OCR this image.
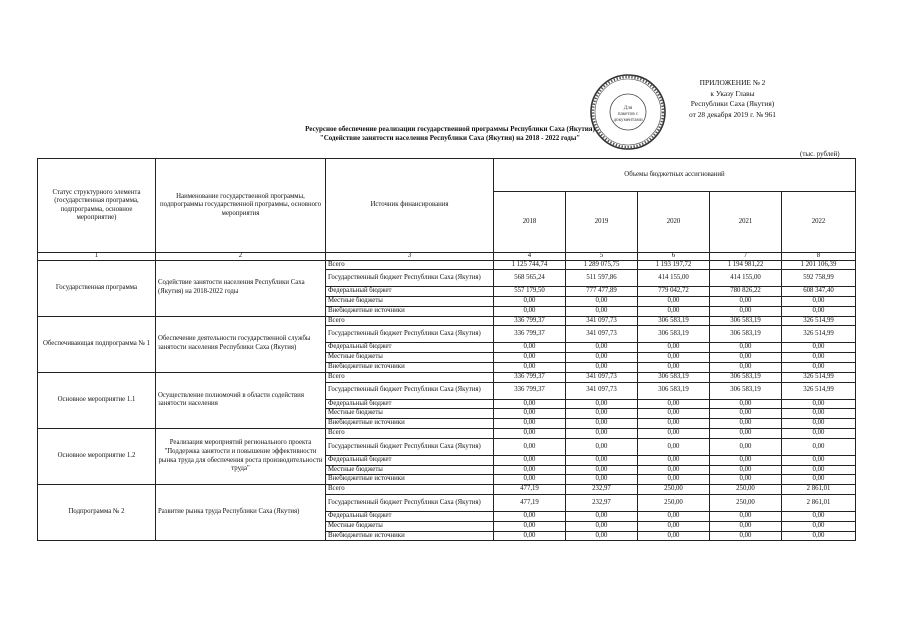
ПРИЛОЖЕНИЕ № 2
к Указу Главы
Республики Саха (Якутия)
от 28 декабря 2019 г. № 961
Для
пакетов с
документами
Ресурсное обеспечение реализации государственной программы Республики Саха (Якутия)
"Содействие занятости населения Республики Саха (Якутия) на 2018 - 2022 годы"
(тыс. рублей)
Статус структурного элемента (государственная программа, подпрограмма, основное мероприятие)	Наименование государственной программы, подпрограммы государственной программы, основного мероприятия	Источник финансирования	Объемы бюджетных ассигнований				
			2018	2019	2020	2021	2022
1	2	3	4	5	6	7	8
Государственная программа	Содействие занятости населения Республики Саха (Якутия) на 2018-2022 годы	Всего	1 125 744,74	1 289 075,75	1 193 197,72	1 194 981,22	1 201 106,39
		Государственный бюджет Республики Саха (Якутия)	568 565,24	511 597,86	414 155,00	414 155,00	592 758,99
		Федеральный бюджет	557 179,50	777 477,89	779 042,72	780 826,22	608 347,40
		Местные бюджеты	0,00	0,00	0,00	0,00	0,00
		Внебюджетные источники	0,00	0,00	0,00	0,00	0,00
Обеспечивающая подпрограмма № 1	Обеспечение деятельности государственной службы занятости населения Республики Саха (Якутия)	Всего	336 799,37	341 097,73	306 583,19	306 583,19	326 514,99
		Государственный бюджет Республики Саха (Якутия)	336 799,37	341 097,73	306 583,19	306 583,19	326 514,99
		Федеральный бюджет	0,00	0,00	0,00	0,00	0,00
		Местные бюджеты	0,00	0,00	0,00	0,00	0,00
		Внебюджетные источники	0,00	0,00	0,00	0,00	0,00
Основное мероприятие 1.1	Осуществление полномочий в области содействия занятости населения	Всего	336 799,37	341 097,73	306 583,19	306 583,19	326 514,99
		Государственный бюджет Республики Саха (Якутия)	336 799,37	341 097,73	306 583,19	306 583,19	326 514,99
		Федеральный бюджет	0,00	0,00	0,00	0,00	0,00
		Местные бюджеты	0,00	0,00	0,00	0,00	0,00
		Внебюджетные источники	0,00	0,00	0,00	0,00	0,00
Основное мероприятие 1.2	Реализация мероприятий регионального проекта "Поддержка занятости и повышение эффективности рынка труда для обеспечения роста производительности труда"	Всего	0,00	0,00	0,00	0,00	0,00
		Государственный бюджет Республики Саха (Якутия)	0,00	0,00	0,00	0,00	0,00
		Федеральный бюджет	0,00	0,00	0,00	0,00	0,00
		Местные бюджеты	0,00	0,00	0,00	0,00	0,00
		Внебюджетные источники	0,00	0,00	0,00	0,00	0,00
Подпрограмма № 2	Развитие рынка труда Республики Саха (Якутия)	Всего	477,19	232,97	250,00	250,00	2 861,01
		Государственный бюджет Республики Саха (Якутия)	477,19	232,97	250,00	250,00	2 861,01
		Федеральный бюджет	0,00	0,00	0,00	0,00	0,00
		Местные бюджеты	0,00	0,00	0,00	0,00	0,00
		Внебюджетные источники	0,00	0,00	0,00	0,00	0,00
